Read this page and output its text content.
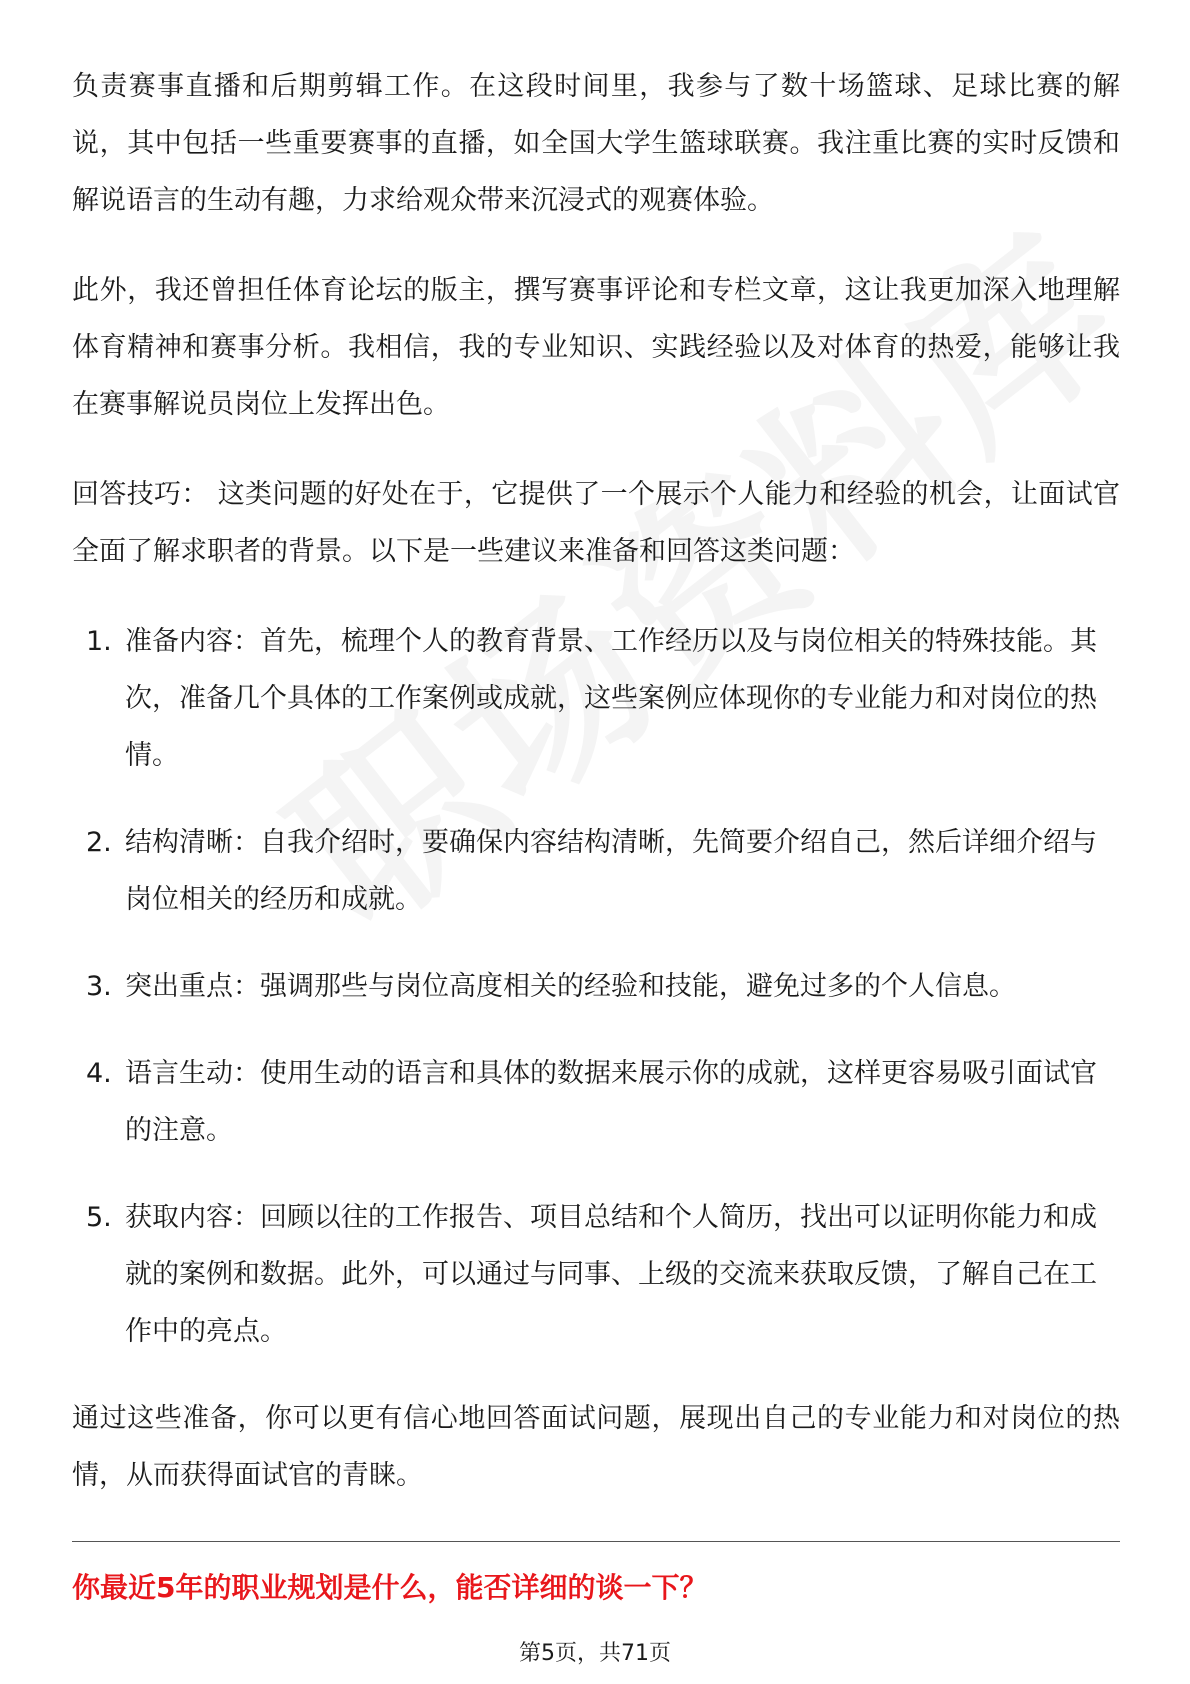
负责赛事直播和后期剪辑工作。在这段时间里，我参与了数十场篮球、足球比赛的解说，其中包括一些重要赛事的直播，如全国大学生篮球联赛。我注重比赛的实时反馈和解说语言的生动有趣，力求给观众带来沉浸式的观赛体验。

此外，我还曾担任体育论坛的版主，撰写赛事评论和专栏文章，这让我更加深入地理解体育精神和赛事分析。我相信，我的专业知识、实践经验以及对体育的热爱，能够让我在赛事解说员岗位上发挥出色。

回答技巧： 这类问题的好处在于，它提供了一个展示个人能力和经验的机会，让面试官全面了解求职者的背景。以下是一些建议来准备和回答这类问题：

1. 准备内容：首先，梳理个人的教育背景、工作经历以及与岗位相关的特殊技能。其次，准备几个具体的工作案例或成就，这些案例应体现你的专业能力和对岗位的热情。
2. 结构清晰：自我介绍时，要确保内容结构清晰，先简要介绍自己，然后详细介绍与岗位相关的经历和成就。
3. 突出重点：强调那些与岗位高度相关的经验和技能，避免过多的个人信息。
4. 语言生动：使用生动的语言和具体的数据来展示你的成就，这样更容易吸引面试官的注意。
5. 获取内容：回顾以往的工作报告、项目总结和个人简历，找出可以证明你能力和成就的案例和数据。此外，可以通过与同事、上级的交流来获取反馈，了解自己在工作中的亮点。

通过这些准备，你可以更有信心地回答面试问题，展现出自己的专业能力和对岗位的热情，从而获得面试官的青睐。

你最近5年的职业规划是什么，能否详细的谈一下？
第5页，共71页
